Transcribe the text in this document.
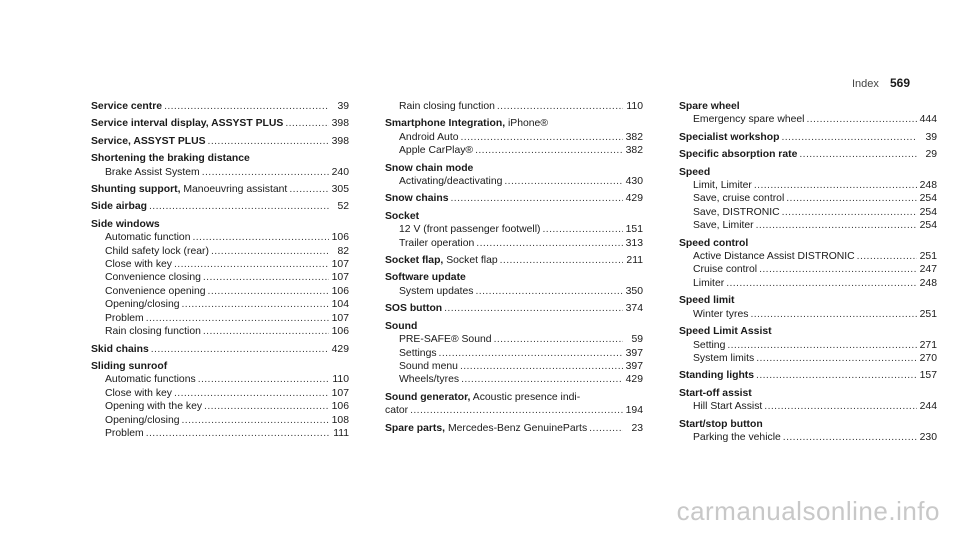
Index 569
Service centre .....	39
Service interval display, ASSYST PLUS .....	398
Service, ASSYST PLUS .....	398
Shortening the braking distance
Brake Assist System .....	240
Shunting support, Manoeuvring assistant .....	305
Side airbag .....	52
Side windows
Automatic function .....	106
Child safety lock (rear) .....	82
Close with key .....	107
Convenience closing .....	107
Convenience opening .....	106
Opening/closing .....	104
Problem .....	107
Rain closing function .....	106
Skid chains .....	429
Sliding sunroof
Automatic functions .....	110
Close with key .....	107
Opening with the key .....	106
Opening/closing .....	108
Problem .....	111
Rain closing function .....	110
Smartphone Integration, iPhone®
Android Auto .....	382
Apple CarPlay® .....	382
Snow chain mode
Activating/deactivating .....	430
Snow chains .....	429
Socket
12 V (front passenger footwell) .....	151
Trailer operation .....	313
Socket flap, Socket flap .....	211
Software update
System updates .....	350
SOS button .....	374
Sound
PRE-SAFE® Sound .....	59
Settings .....	397
Sound menu .....	397
Wheels/tyres .....	429
Sound generator, Acoustic presence indi-
cator .....	194
Spare parts, Mercedes-Benz GenuineParts .....	23
Spare wheel
Emergency spare wheel .....	444
Specialist workshop .....	39
Specific absorption rate .....	29
Speed
Limit, Limiter .....	248
Save, cruise control .....	254
Save, DISTRONIC .....	254
Save, Limiter .....	254
Speed control
Active Distance Assist DISTRONIC .....	251
Cruise control .....	247
Limiter .....	248
Speed limit
Winter tyres .....	251
Speed Limit Assist
Setting .....	271
System limits .....	270
Standing lights .....	157
Start-off assist
Hill Start Assist .....	244
Start/stop button
Parking the vehicle .....	230
carmanualsonline.info
